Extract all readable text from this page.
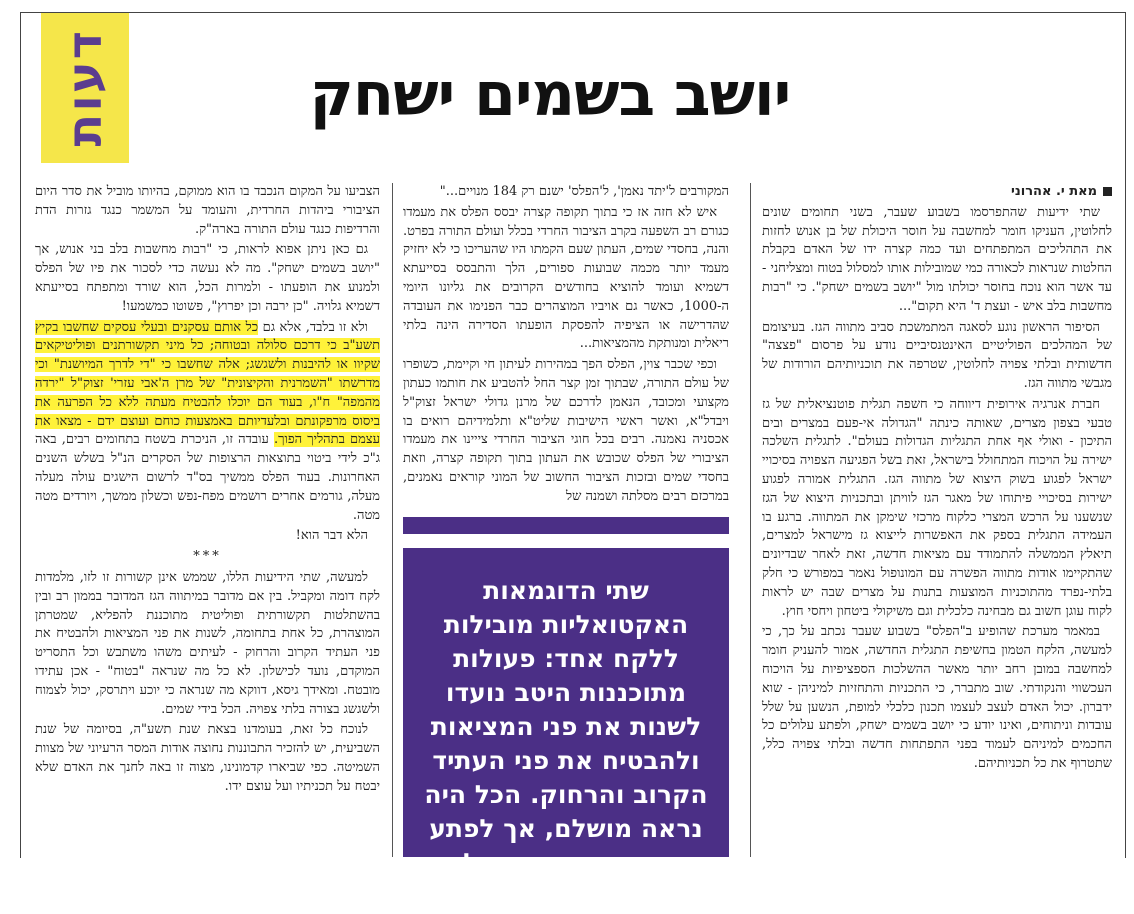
דעות	יושב בשמים ישחק

מאת י. אהרוני

שתי ידיעות שהתפרסמו בשבוע שעבר, בשני תחומים שונים לחלוטין, העניקו חומר למחשבה על חוסר היכולת של בן אנוש לחזות את התהליכים המתפתחים ועד כמה קצרה ידו של האדם בקבלת החלטות שנראות לכאורה כמי שמובילות אותו למסלול בטוח ומצליחני - עד אשר הוא נוכח בחוסר יכולתו מול "יושב בשמים ישחק". כי "רבות מחשבות בלב איש - ועצת ד' היא תקום"...

הסיפור הראשון נוגע לסאגה המתמשכת סביב מתווה הגז. בעיצומם של המהלכים הפוליטיים האינטנסיביים נודע על פרסום "פצצה" חדשותית ובלתי צפויה לחלוטין, שטרפה את תוכניותיהם הורודות של מגבשי מתווה הגז.

חברת אנרגיה אירופית דיווחה כי חשפה תגלית פוטנציאלית של גז טבעי בצפון מצרים, שאותה כינתה "הגדולה אי-פעם במצרים ובים התיכון - ואולי אף אחת התגליות הגדולות בעולם". לתגלית השלכה ישירה על הויכוח המתחולל בישראל, זאת בשל הפגיעה הצפויה בסיכויי ישראל לפגוע בשוק היצוא של מתווה הגז. התגלית אמורה לפגוע ישירות בסיכויי פיתוחו של מאגר הגז לוויתן ובתכניות היצוא של הגז שנשענו על הרכש המצרי כלקוח מרכזי שימקן את המתווה. ברגע בו העמידה התגלית בספק את האפשרות לייצוא גז מישראל למצרים, תיאלץ הממשלה להתמודד עם מציאות חדשה, זאת לאחר שבדיונים שהתקיימו אודות מתווה הפשרה עם המונופול נאמר במפורש כי חלק בלתי-נפרד מהתוכניות המוצעות בתנות על מצרים שבה יש לראות לקוח עוגן חשוב גם מבחינה כלכלית וגם משיקולי ביטחון ויחסי חוץ.

במאמר מערכת שהופיע ב"הפלס" בשבוע שעבר נכתב על כך, כי למעשה, הלקח הטמון בחשיפת התגלית החדשה, אמור להעניק חומר למחשבה במובן רחב יותר מאשר ההשלכות הספציפיות על הויכוח העכשווי והנקודתי. שוב מתברר, כי התכניות והתחזיות למיניהן - שוא ידברון. יכול האדם לעצב לעצמו תכנון כלכלי למופת, הנשען על שלל עובדות וניתוחים, ואינו יודע כי יושב בשמים ישחק, ולפתע עלולים כל החכמים למיניהם לעמוד בפני התפתחות חדשה ובלתי צפויה כלל, שתטרוף את כל תכניותיהם.

המקורבים ל'יתד נאמן', ל'הפלס' ישנם רק 184 מנויים..."

איש לא חזה אז כי בתוך תקופה קצרה יבסס הפלס את מעמדו כגורם רב השפעה בקרב הציבור החרדי בכלל ועולם התורה בפרט. והנה, בחסדי שמים, העתון שעם הקמתו היו שהעריכו כי לא יחזיק מעמד יותר מכמה שבועות ספורים, הלך והתבסס בסייעתא דשמיא ועומד להוציא בחודשים הקרובים את גליונו היומי ה-1000, כאשר גם אויביו המוצהרים כבר הפנימו את העובדה שהדרישה או הציפיה להפסקת הופעתו הסדירה הינה בלתי ריאלית ומנותקת מהמציאות...

וכפי שכבר צוין, הפלס הפך במהירות לעיתון חי וקיימת, כשופרו של עולם התורה, שבתוך זמן קצר החל להטביע את חותמו כעתון מקצועי ומכובד, הנאמן לדרכם של מרנן גדולי ישראל זצוק"ל ויבדל"א, ואשר ראשי הישיבות שליט"א ותלמידיהם רואים בו אכסניה נאמנה. רבים בכל חוגי הציבור החרדי צייינו את מעמדו הציבורי של הפלס שכובש את העתון בתוך תקופה קצרה, וזאת בחסדי שמים ובזכות הציבור החשוב של המוני קוראים נאמנים, במרכזם רבים מסלתה ושמנה של

שתי הדוגמאות האקטואליות מובילות ללקח אחד: פעולות מתוכננות היטב נועדו לשנות את פני המציאות ולהבטיח את פני העתיד הקרוב והרחוק. הכל היה נראה מושלם, אך לפתע משהו השתבש וכל התסריט המוקדם, נועד

הצביעו על המקום הנכבד בו הוא ממוקם, בהיותו מוביל את סדר היום הציבורי ביהדות החרדית, והעומד על המשמר כנגד גזרות הדת והרדיפות כנגד עולם התורה בארה"ק.

גם כאן ניתן אפוא לראות, כי "רבות מחשבות בלב בני אנוש, אך "יושב בשמים ישחק". מה לא נעשה כדי לסכור את פיו של הפלס ולמנוע את הופעתו - ולמרות הכל, הוא שורד ומתפתח בסייעתא דשמיא גלויה. "כן ירבה וכן יפרוץ", פשוטו כמשמעו!

ולא זו בלבד, אלא גם כל אותם עסקנים ובעלי עסקים שחשבו בקיץ תשע"ב כי דרכם סלולה ובטוחה; כל מיני תקשורתנים ופוליטיקאים שקיוו או להיבנות ולשגשג; אלה שחשבו כי "די לדרך המיושנת" וכי מדרשתו "השמרנית והקיצונית" של מרן ה'אבי עזרי' זצוק"ל "ירדה מהמפה" ח"ו, בעוד הם יוכלו להבטיח מעתה ללא כל הפרעה את ביסוס מרפקונתם ובלעדיותם באמצעות כוחם ועוצם ידם - מצאו את עצמם בתהליך הפוך. עובדה זו, הניכרת בשטח בתחומים רבים, באה ג"כ לידי ביטוי בתוצאות הרצופות של הסקרים הנ"ל בשלש השנים האחרונות. בעוד הפלס ממשיך בס"ד לרשום הישגים עולה מעלה מעלה, גורמים אחרים רושמים מפח-נפש וכשלון ממשך, ויורדים מטה מטה.

הלא דבר הוא!

***

למעשה, שתי הידיעות הללו, שממש אינן קשורות זו לזו, מלמדות לקח דומה ומקביל. בין אם מדובר במיתווה הגז המדובר בממון רב ובין בהשתלטות תקשורתית ופוליטית מתוכננת להפליא, שמטרתן המוצהרת, כל אחת בתחומה, לשנות את פני המציאות ולהבטיח את פני העתיד הקרוב והרחוק - לעיתים משהו משתבש וכל התסריט המוקדם, נועד לכישלון. לא כל מה שנראה "בטוח" - אכן עתידו מובטח. ומאידך גיסא, דווקא מה שנראה כי יוכע ויתרסק, יכול לצמוח ולשגשג בצורה בלתי צפויה. הכל בידי שמים.

לנוכח כל זאת, בעומדנו בצאת שנת תשע"ה, בסיומה של שנת השביעית, יש להזכיר התבוננות נחוצה אודות המסר הרעיוני של מצוות השמיטה. כפי שביארו קדמונינו, מצוה זו באה לחנך את האדם שלא יבטח על תכניתיו ועל עוצם ידו.
